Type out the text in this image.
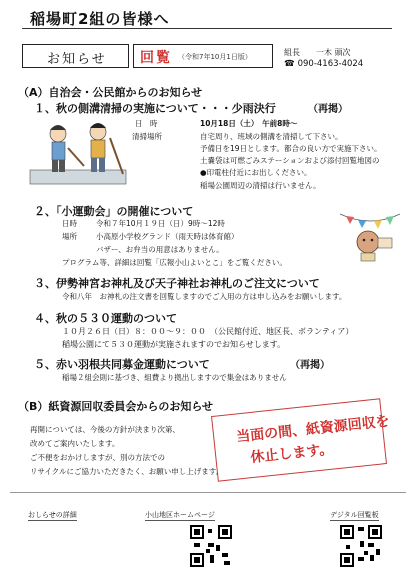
稲場町2組の皆様へ
お知らせ 回覧 （令和7年10月1日版）	組長　　一木 頭次
☎ 090-4163-4024
（A）自治会・公民館からのお知らせ
１、秋の側溝清掃の実施について・・・少雨決行	（再掲）
日　時	10月18日（土）　午前8時～
清掃場所	自宅周り、班域の側溝を清掃して下さい。
予備日を19日とします。都合の良い方で実施下さい。
土嚢袋は可燃ごみステーションおよび添付回覧地図の
●印電柱付近にお出しください。
稲場公園周辺の清掃は行いません。
２、「小運動会」の開催について
日時	令和７年10月１９日（日）9時～12時
場所	小高原小学校グランド（雨天時は体育館）
バザー、お弁当の用意はありません。
プログラム等、詳細は回覧「広報小山よいとこ」をご覧ください。
３、伊勢神宮お神札及び天子神社お神札のご注文について
令和八年　お神札の注文書を回覧しますのでご入用の方は申し込みをお願いします。
４、秋の５３０運動のついて
１０月２６日（日）８：００～９：００　（公民館付近、地区長、ボランティア）
稲場公園にて５３０運動が実施されますのでお知らせします。
５、赤い羽根共同募金運動について	（再掲）
稲場２組会則に基づき、組費より拠出しますので集金はありません
（B）紙資源回収委員会からのお知らせ
再開については、今後の方針が決まり次第、
改めてご案内いたします。
ご不便をおかけしますが、別の方法での
リサイクルにご協力いただきたく、お願い申し上げます。
当面の間、紙資源回収を
休止します。
おしらせの詳細	小山地区ホームページ	デジタル回覧板
